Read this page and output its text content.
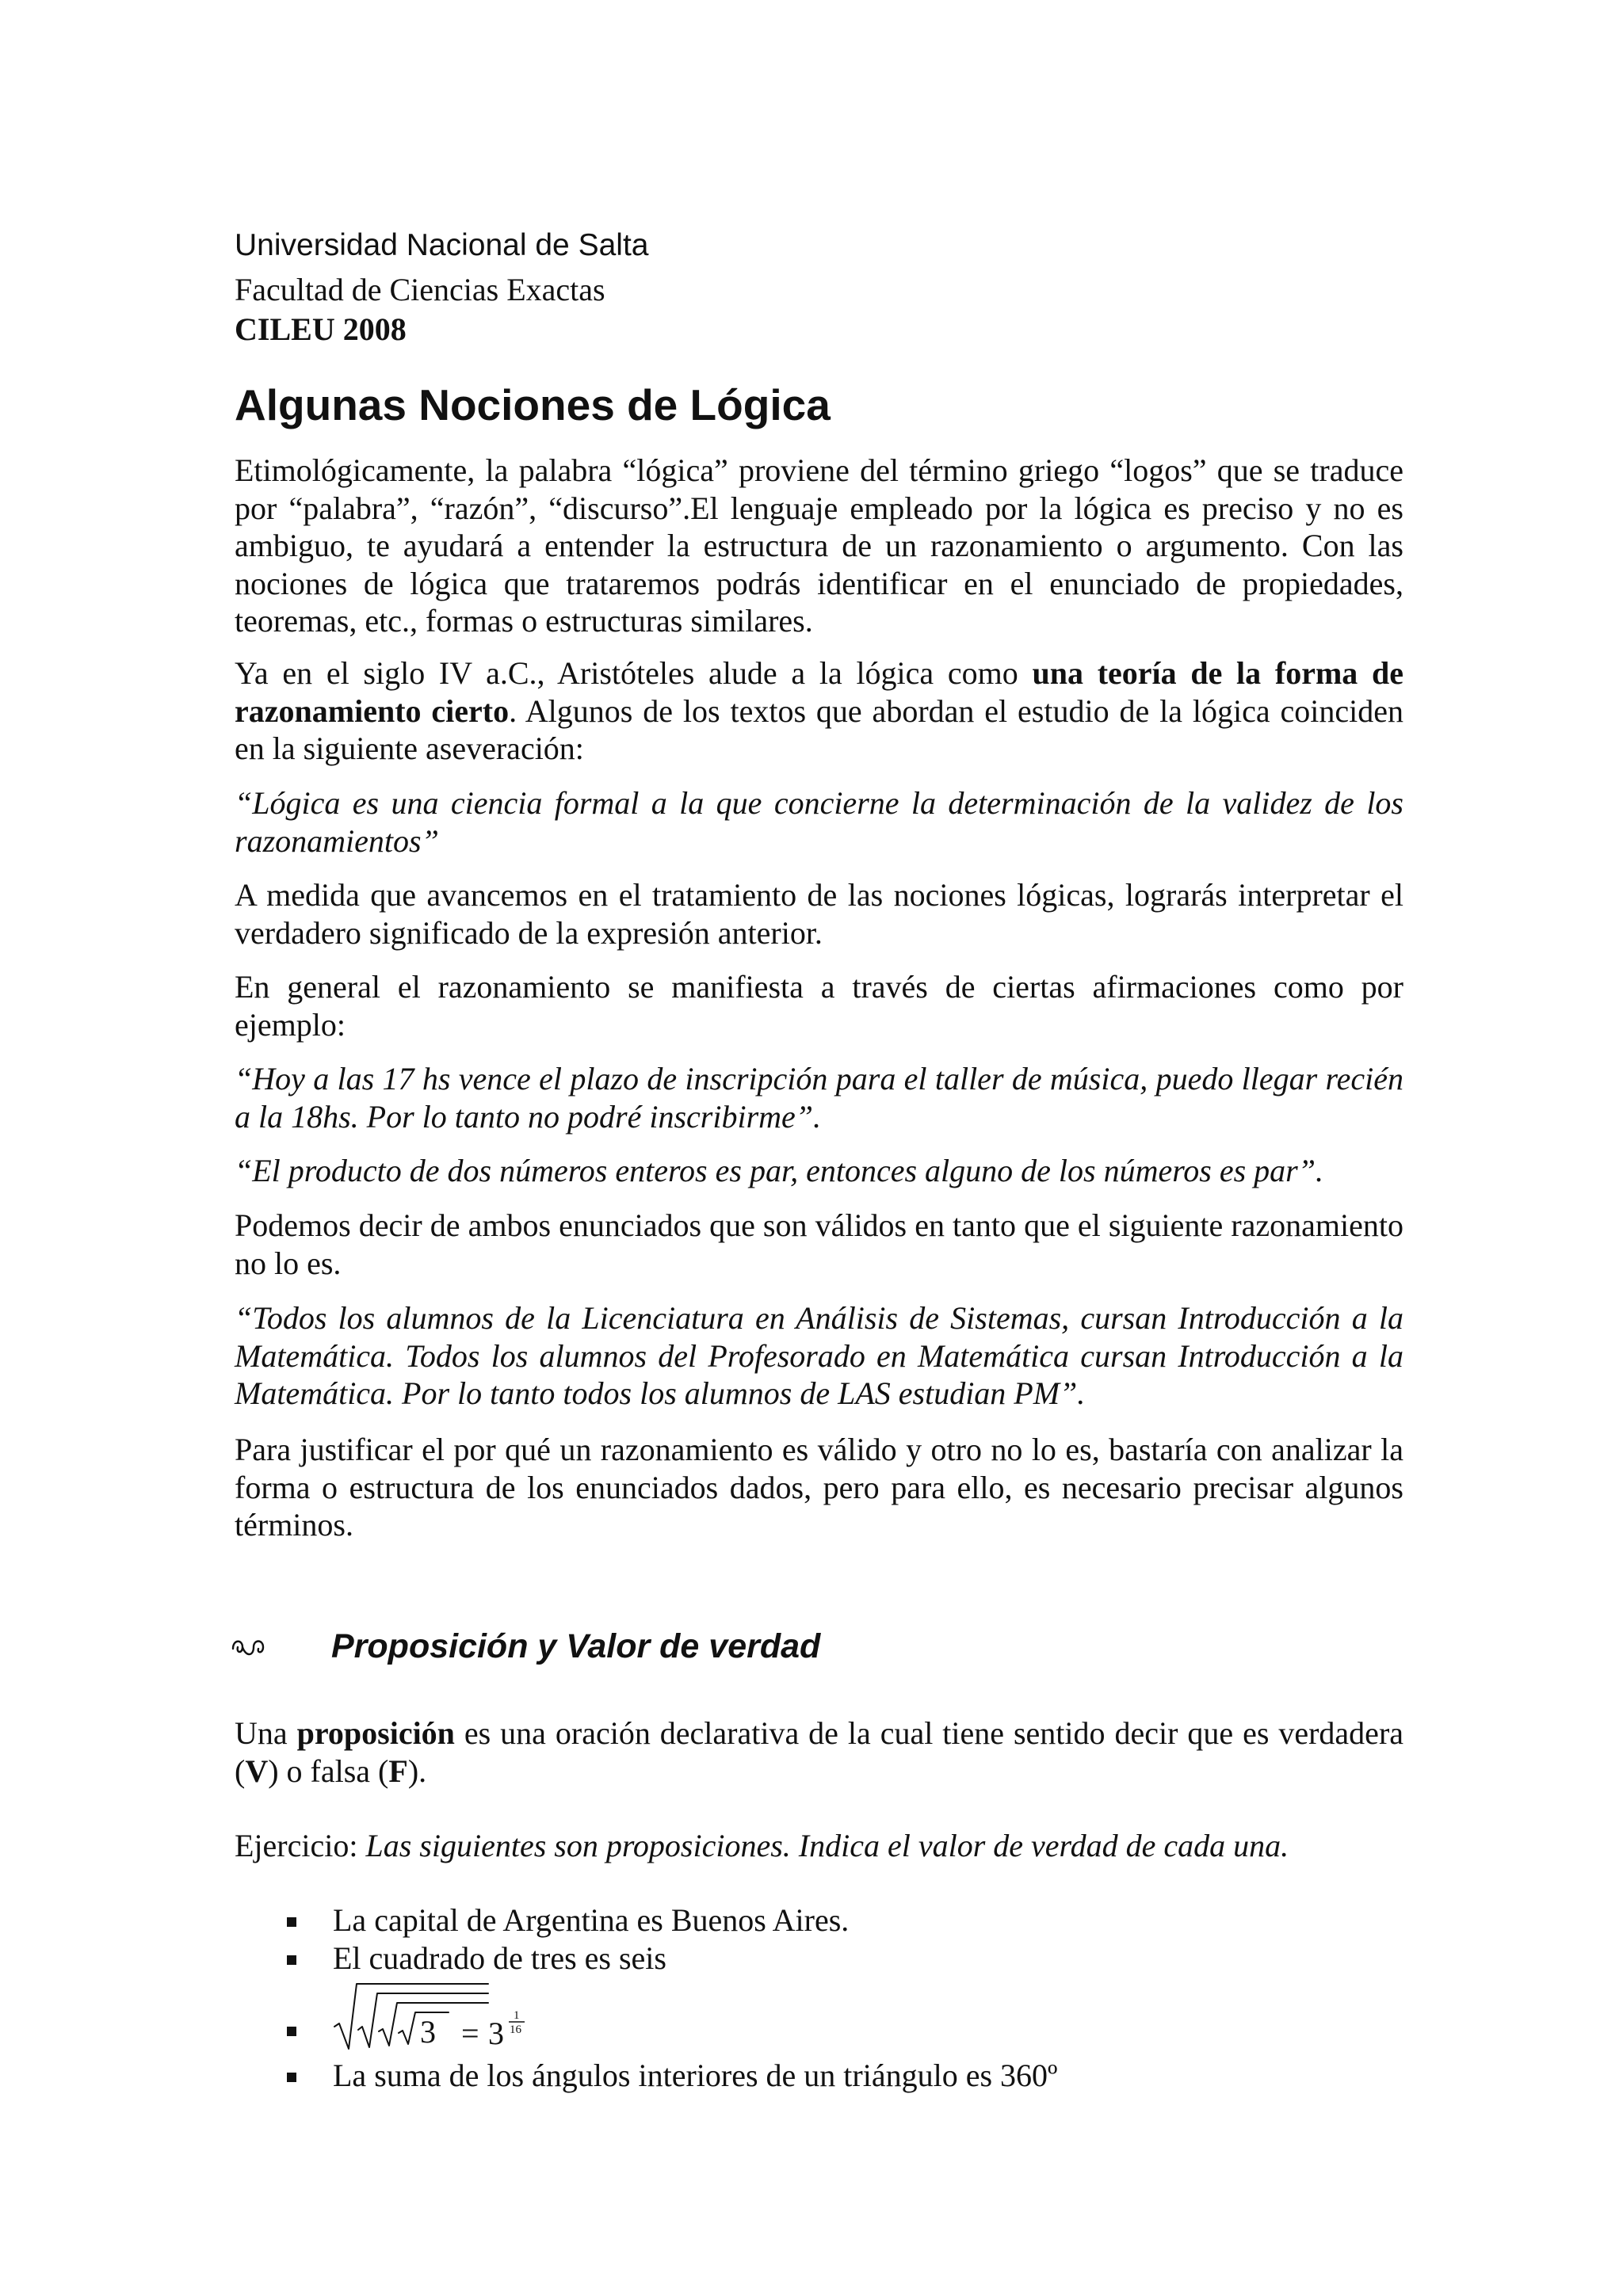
Universidad Nacional de Salta
Facultad de Ciencias Exactas
CILEU 2008
Algunas Nociones de Lógica

Etimológicamente, la palabra “lógica” proviene del término griego “logos” que se traduce por “palabra”, “razón”, “discurso”.El lenguaje empleado por la lógica es preciso y no es ambiguo, te ayudará a entender la estructura de un razonamiento o argumento. Con las nociones de lógica que trataremos podrás identificar en el enunciado de propiedades, teoremas, etc., formas o estructuras similares.

Ya en el siglo IV a.C., Aristóteles alude a la lógica como una teoría de la forma de razonamiento cierto. Algunos de los textos que abordan el estudio de la lógica coinciden en la siguiente aseveración:

“Lógica es una ciencia formal a la que concierne la determinación de la validez de los razonamientos”

A medida que avancemos en el tratamiento de las nociones lógicas, lograrás interpretar el verdadero significado de la expresión anterior.

En general el razonamiento se manifiesta a través de ciertas afirmaciones como por ejemplo:

“Hoy a las 17 hs vence el plazo de inscripción para el taller de música, puedo llegar recién a la 18hs. Por lo tanto no podré inscribirme”.

“El producto de dos números enteros es par, entonces alguno de los números es par”.

Podemos decir de ambos enunciados que son válidos en tanto que el siguiente razonamiento no lo es.

“Todos los alumnos de la Licenciatura en Análisis de Sistemas, cursan Introducción a la Matemática. Todos los alumnos del Profesorado en Matemática cursan Introducción a la Matemática. Por lo tanto todos los alumnos de LAS estudian PM”.

Para justificar el por qué un razonamiento es válido y otro no lo es, bastaría con analizar la forma o estructura de los enunciados dados, pero para ello, es necesario precisar algunos términos.

Proposición y Valor de verdad

Una proposición es una oración declarativa de la cual tiene sentido decir que es verdadera (V) o falsa (F).

Ejercicio: Las siguientes son proposiciones. Indica el valor de verdad de cada una.

La capital de Argentina es Buenos Aires.
El cuadrado de tres es seis
3 = 3 1
16
La suma de los ángulos interiores de un triángulo es 360º
